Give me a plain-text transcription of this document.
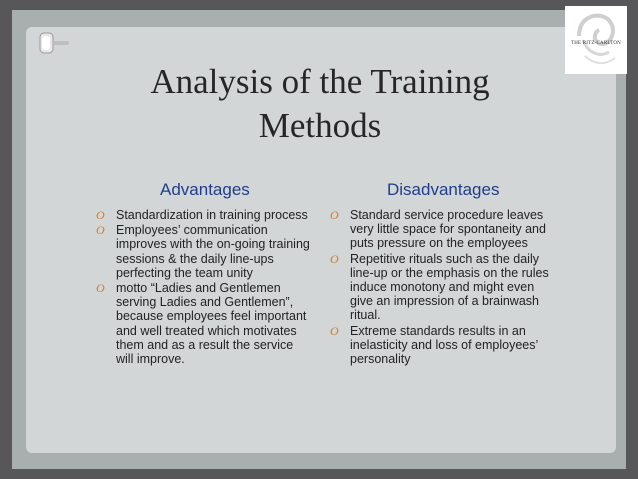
THE RITZ-CARLTON
Analysis of the Training Methods
Advantages	Disadvantages
O Standardization in training process
O Employees’ communication improves with the on-going training sessions & the daily line-ups perfecting the team unity
O motto “Ladies and Gentlemen serving Ladies and Gentlemen”, because employees feel important and well treated which motivates them and as a result the service will improve.
O Standard service procedure leaves very little space for spontaneity and puts pressure on the employees
O Repetitive rituals such as the daily line-up or the emphasis on the rules induce monotony and might even give an impression of a brainwash ritual.
O Extreme standards results in an inelasticity and loss of employees’ personality
